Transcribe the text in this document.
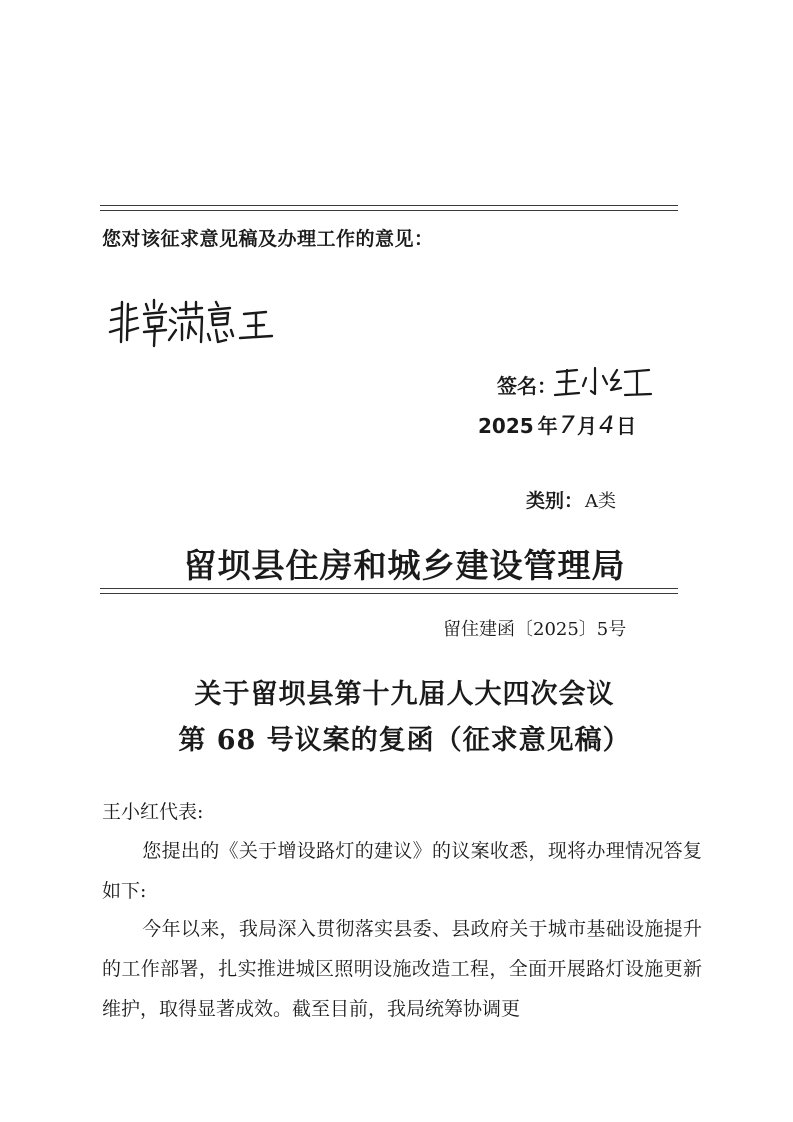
您对该征求意见稿及办理工作的意见：
签名：
2025 年 7 月 4 日
类别： A类
留坝县住房和城乡建设管理局
留住建函〔2025〕5号
关于留坝县第十九届人大四次会议
第 68 号议案的复函（征求意见稿）
王小红代表:
您提出的《关于增设路灯的建议》的议案收悉，现将办理情况答复如下:
今年以来，我局深入贯彻落实县委、县政府关于城市基础设施提升的工作部署，扎实推进城区照明设施改造工程，全面开展路灯设施更新维护，取得显著成效。截至目前，我局统筹协调更
